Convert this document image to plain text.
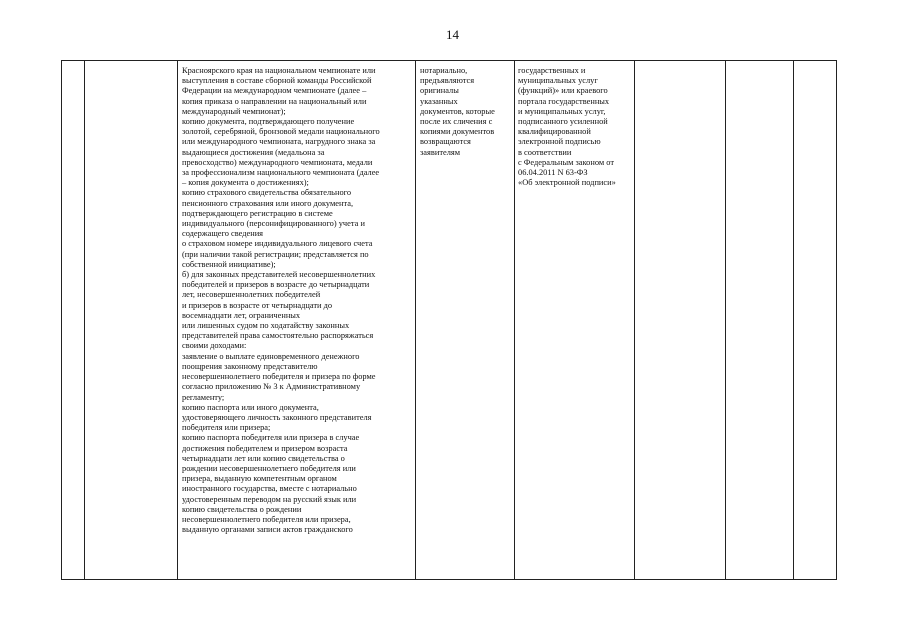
14
Красноярского края на национальном чемпионате или
выступления в составе сборной команды Российской
Федерации на международном чемпионате (далее –
копия приказа о направлении на национальный или
международный чемпионат);
копию документа, подтверждающего получение
золотой, серебряной, бронзовой медали национального
или международного чемпионата, нагрудного знака за
выдающиеся достижения (медальона за
превосходство) международного чемпионата, медали
за профессионализм национального чемпионата (далее
– копия документа о достижениях);
копию страхового свидетельства обязательного
пенсионного страхования или иного документа,
подтверждающего регистрацию в системе
индивидуального (персонифицированного) учета и
содержащего сведения
о страховом номере индивидуального лицевого счета
(при наличии такой регистрации; представляется по
собственной инициативе);
б) для законных представителей несовершеннолетних
победителей и призеров в возрасте до четырнадцати
лет, несовершеннолетних победителей
и призеров в возрасте от четырнадцати до
восемнадцати лет, ограниченных
или лишенных судом по ходатайству законных
представителей права самостоятельно распоряжаться
своими доходами:
заявление о выплате единовременного денежного
поощрения законному представителю
несовершеннолетнего победителя и призера по форме
согласно приложению № 3 к Административному
регламенту;
копию паспорта или иного документа,
удостоверяющего личность законного представителя
победителя или призера;
копию паспорта победителя или призера в случае
достижения победителем и призером возраста
четырнадцати лет или копию свидетельства о
рождении несовершеннолетнего победителя или
призера, выданную компетентным органом
иностранного государства, вместе с нотариально
удостоверенным переводом на русский язык или
копию свидетельства о рождении
несовершеннолетнего победителя или призера,
выданную органами записи актов гражданского
нотариально,
предъявляются
оригиналы
указанных
документов, которые
после их сличения с
копиями документов
возвращаются
заявителям
государственных и
муниципальных услуг
(функций)» или краевого
портала государственных
и муниципальных услуг,
подписанного усиленной
квалифицированной
электронной подписью
в соответствии
с Федеральным законом от
06.04.2011 N 63-ФЗ
«Об электронной подписи»
